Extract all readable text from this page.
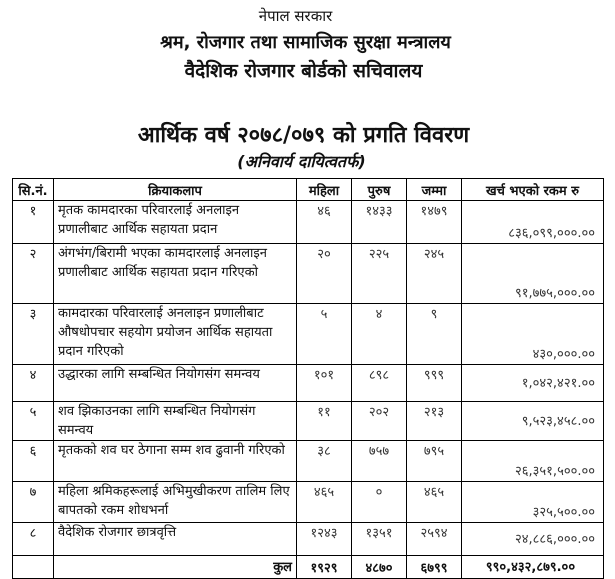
नेपाल सरकार
श्रम, रोजगार तथा सामाजिक सुरक्षा मन्त्रालय
वैदेशिक रोजगार बोर्डको सचिवालय
आर्थिक वर्ष २०७८/०७९ को प्रगति विवरण
(अनिवार्य दायित्वतर्फ)
सि.नं.	क्रियाकलाप	महिला	पुरुष	जम्मा	खर्च भएको रकम रु
१	मृतक कामदारका परिवारलाई अनलाइन प्रणालीबाट आर्थिक सहायता प्रदान	४६	१४३३	१४७९	८३६,०९९,०००.००
२	अंगभंग/बिरामी भएका कामदारलाई अनलाइन प्रणालीबाट आर्थिक सहायता प्रदान गरिएको	२०	२२५	२४५	९१,७७५,०००.००
३	कामदारका परिवारलाई अनलाइन प्रणालीबाट औषधोपचार सहयोग प्रयोजन आर्थिक सहायता प्रदान गरिएको	५	४	९	४३०,०००.००
४	उद्धारका लागि सम्बन्धित नियोगसंग समन्वय	१०१	८९८	९९९	१,०४२,४२१.००
५	शव झिकाउनका लागि सम्बन्धित नियोगसंग समन्वय	११	२०२	२१३	९,५२३,४५८.००
६	मृतकको शव घर ठेगाना सम्म शव ढुवानी गरिएको	३८	७५७	७९५	२६,३५१,५००.००
७	महिला श्रमिकहरूलाई अभिमुखीकरण तालिम लिए बापतको रकम शोधभर्ना	४६५	०	४६५	३२५,५००.००
८	वैदेशिक रोजगार छात्रवृत्ति	१२४३	१३५१	२५९४	२४,८८६,०००.००
	कुल	१९२९	४८७०	६७९९	९९०,४३२,८७९.००
